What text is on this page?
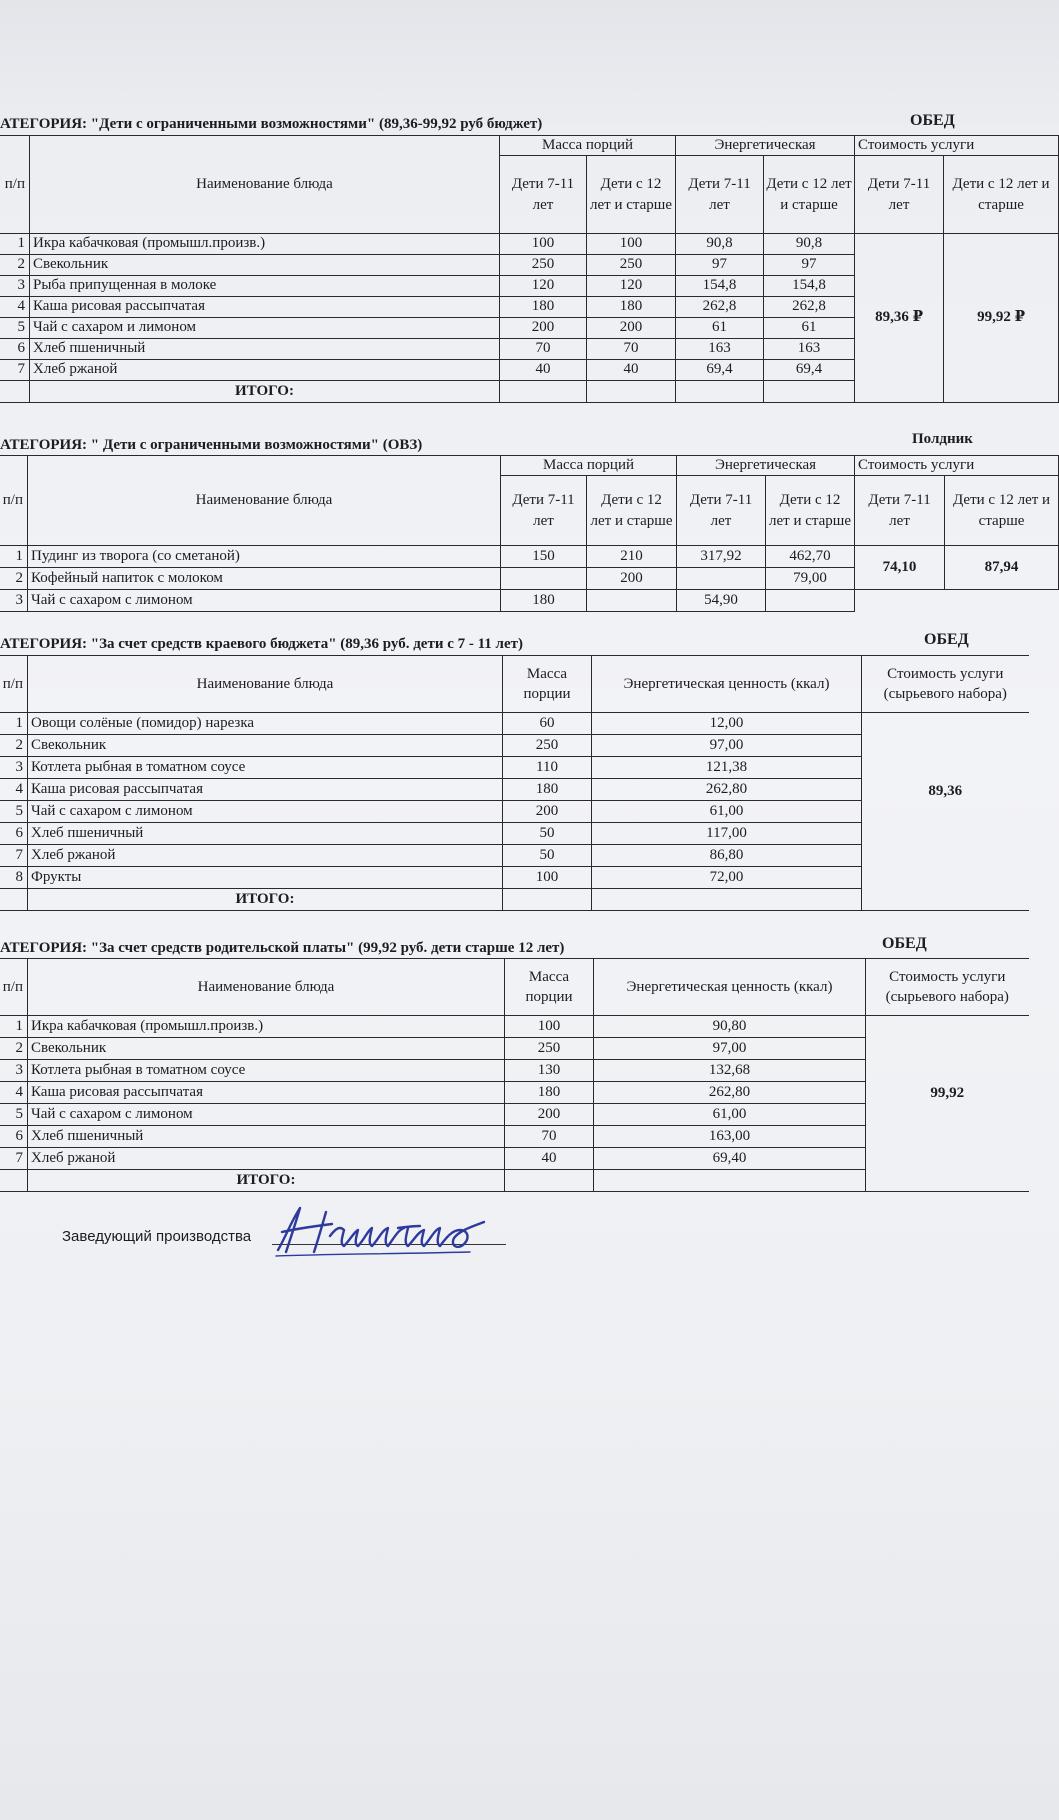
АТЕГОРИЯ: "Дети с ограниченными возможностями" (89,36-99,92 руб бюджет)	ОБЕД
п/п	Наименование блюда	Масса порций		Энергетическая		Стоимость услуги	
		Дети 7-11 лет	Дети с 12 лет и старше	Дети 7-11 лет	Дети с 12 лет и старше	Дети 7-11 лет	Дети с 12 лет и старше
1	Икра кабачковая (промышл.произв.)	100	100	90,8	90,8	89,36 ₽	99,92 ₽
2	Свекольник	250	250	97	97		
3	Рыба припущенная в молоке	120	120	154,8	154,8		
4	Каша рисовая рассыпчатая	180	180	262,8	262,8		
5	Чай с сахаром и лимоном	200	200	61	61		
6	Хлеб пшеничный	70	70	163	163		
7	Хлеб ржаной	40	40	69,4	69,4		
	ИТОГО:						
АТЕГОРИЯ: " Дети с ограниченными возможностями" (ОВЗ)	Полдник
п/п	Наименование блюда	Масса порций		Энергетическая		Стоимость услуги	
		Дети 7-11 лет	Дети с 12 лет и старше	Дети 7-11 лет	Дети с 12 лет и старше	Дети 7-11 лет	Дети с 12 лет и старше
1	Пудинг из творога (со сметаной)	150	210	317,92	462,70	74,10	87,94
2	Кофейный напиток с молоком		200		79,00		
3	Чай с сахаром с лимоном	180		54,90			
АТЕГОРИЯ: "За счет средств краевого бюджета" (89,36 руб. дети с 7 - 11 лет)	ОБЕД
п/п	Наименование блюда	Масса порции	Энергетическая ценность (ккал)	Стоимость услуги (сырьевого набора)
1	Овощи солёные (помидор) нарезка	60	12,00	89,36
2	Свекольник	250	97,00	
3	Котлета рыбная в томатном соусе	110	121,38	
4	Каша рисовая рассыпчатая	180	262,80	
5	Чай с сахаром с лимоном	200	61,00	
6	Хлеб пшеничный	50	117,00	
7	Хлеб ржаной	50	86,80	
8	Фрукты	100	72,00	
	ИТОГО:			
АТЕГОРИЯ: "За счет средств родительской платы" (99,92 руб. дети старше 12 лет)	ОБЕД
п/п	Наименование блюда	Масса порции	Энергетическая ценность (ккал)	Стоимость услуги (сырьевого набора)
1	Икра кабачковая (промышл.произв.)	100	90,80	99,92
2	Свекольник	250	97,00	
3	Котлета рыбная в томатном соусе	130	132,68	
4	Каша рисовая рассыпчатая	180	262,80	
5	Чай с сахаром с лимоном	200	61,00	
6	Хлеб пшеничный	70	163,00	
7	Хлеб ржаной	40	69,40	
	ИТОГО:			
Заведующий производства
